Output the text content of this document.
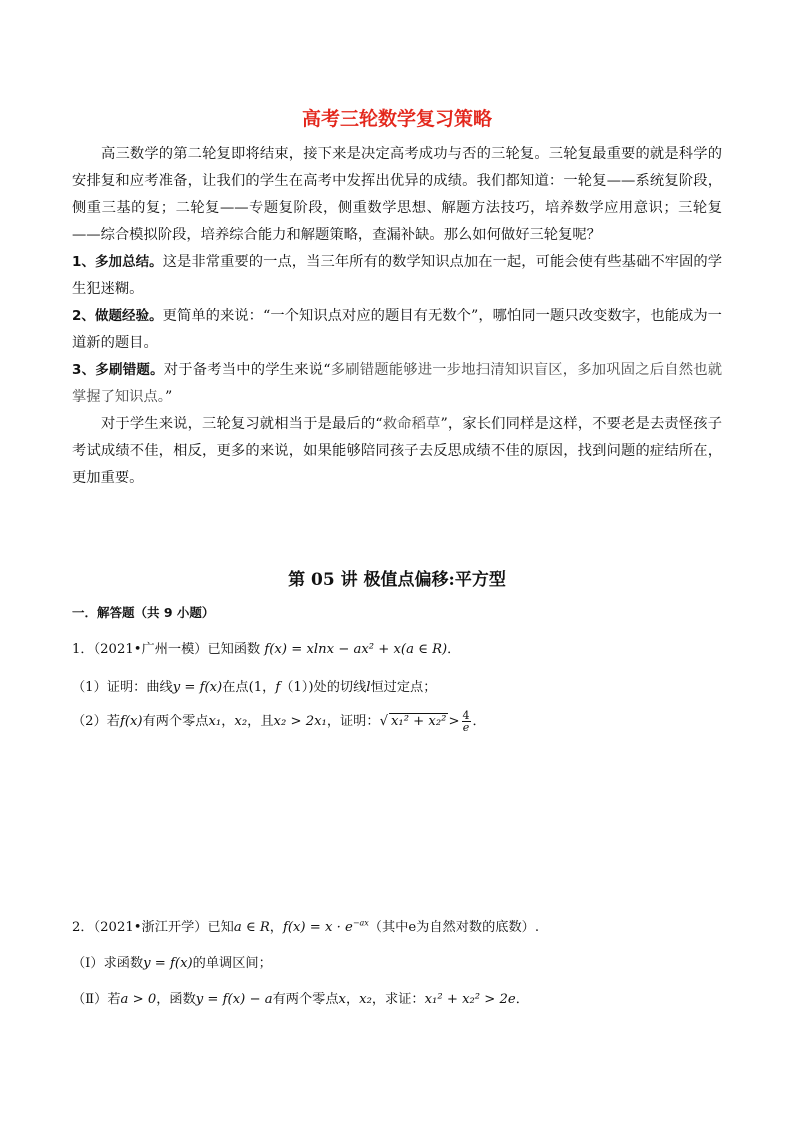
高考三轮数学复习策略

高三数学的第二轮复即将结束，接下来是决定高考成功与否的三轮复。三轮复最重要的就是科学的安排复和应考准备，让我们的学生在高考中发挥出优异的成绩。我们都知道：一轮复——系统复阶段，侧重三基的复；二轮复——专题复阶段，侧重数学思想、解题方法技巧，培养数学应用意识；三轮复——综合模拟阶段，培养综合能力和解题策略，查漏补缺。那么如何做好三轮复呢？

1、多加总结。这是非常重要的一点，当三年所有的数学知识点加在一起，可能会使有些基础不牢固的学生犯迷糊。

2、做题经验。更简单的来说：“一个知识点对应的题目有无数个”，哪怕同一题只改变数字，也能成为一道新的题目。

3、多刷错题。对于备考当中的学生来说“多刷错题能够进一步地扫清知识盲区，多加巩固之后自然也就掌握了知识点。”

对于学生来说，三轮复习就相当于是最后的“救命稻草”，家长们同样是这样，不要老是去责怪孩子考试成绩不佳，相反，更多的来说，如果能够陪同孩子去反思成绩不佳的原因，找到问题的症结所在，更加重要。

第 05 讲 极值点偏移:平方型
一．解答题（共 9 小题）
1．（2021•广州一模）已知函数 f(x) = xlnx − ax² + x(a ∈ R)．
（1）证明：曲线y = f(x)在点(1，f（1）)处的切线l恒过定点；
（2）若f(x)有两个零点x₁，x₂，且x₂ > 2x₁，证明：√ $x_1^2 + x_2^2 > \frac{4}{e}$ ．
2．（2021•浙江开学）已知a ∈ R，$f(x) = x \cdot e^{-ax}$（其中e为自然对数的底数）.
（Ⅰ）求函数y = f(x)的单调区间；
（Ⅱ）若a > 0，函数y = f(x) − a有两个零点x，x₂，求证：x₁² + x₂² > 2e．
